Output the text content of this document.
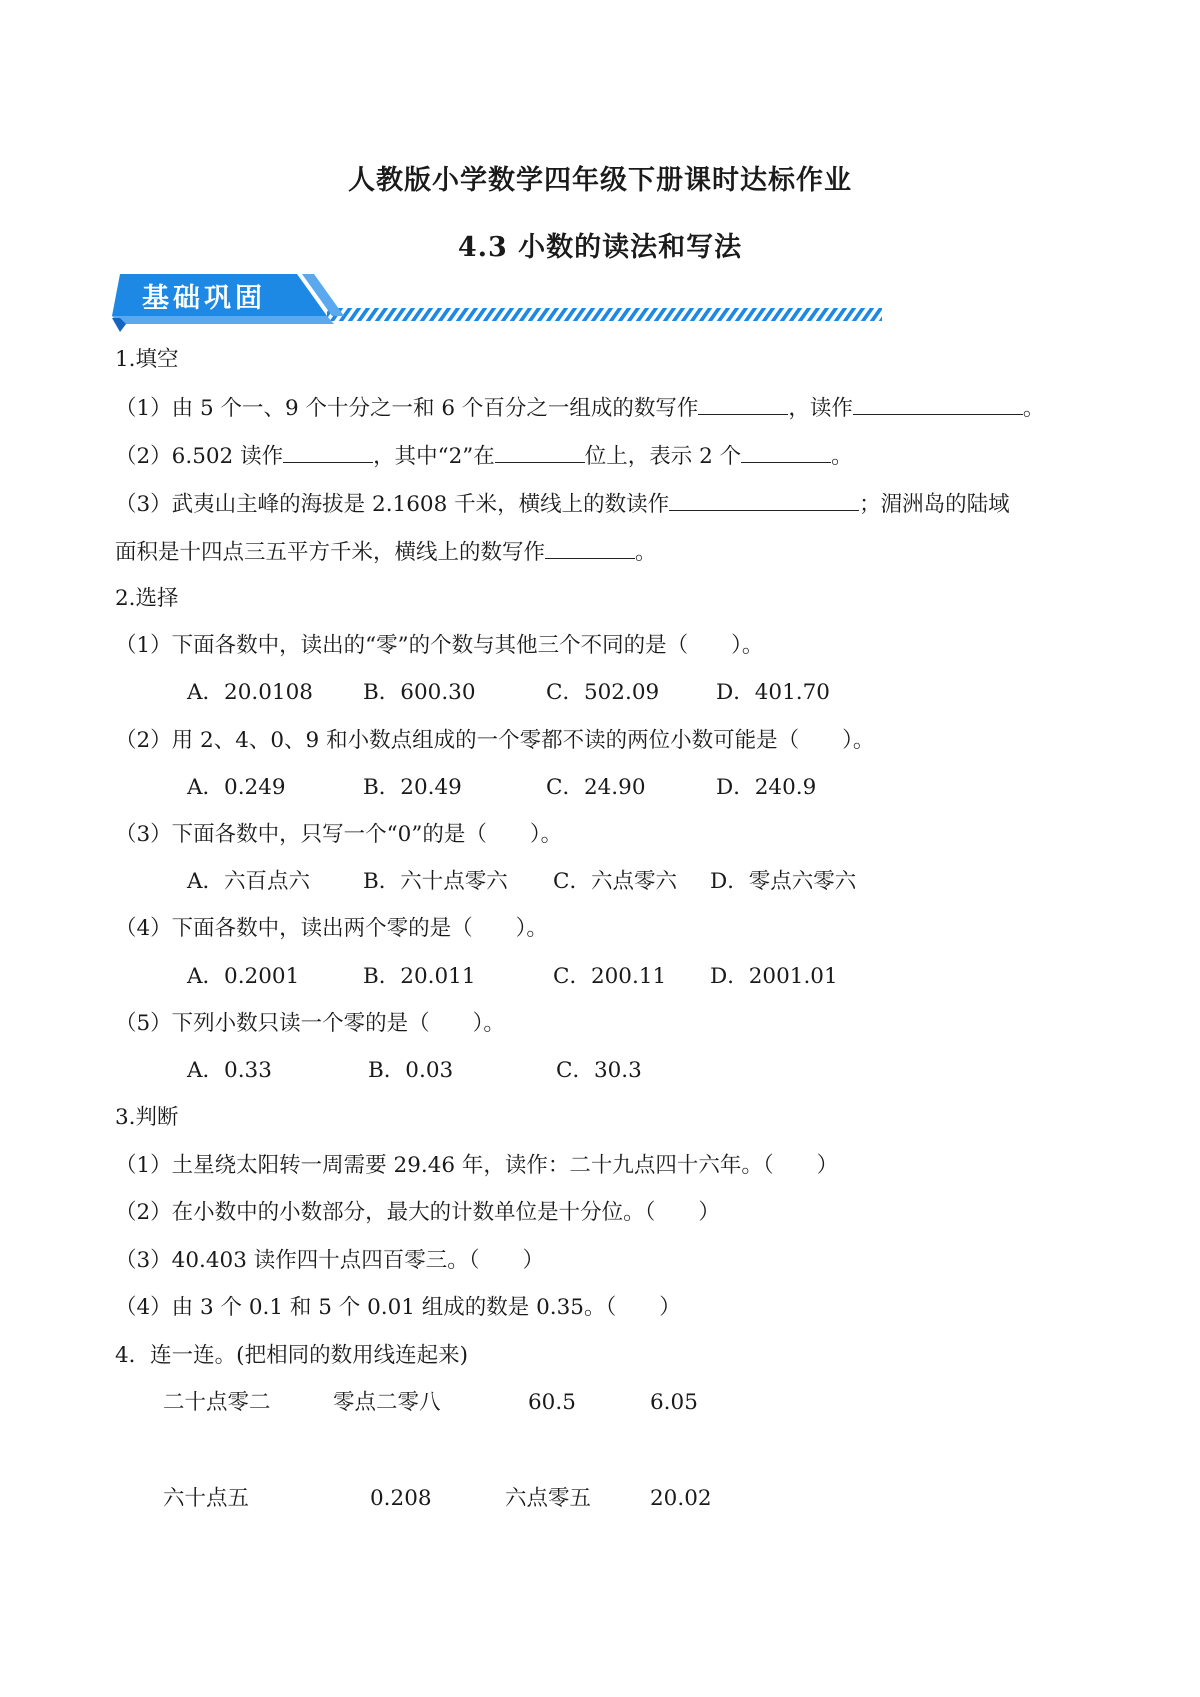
人教版小学数学四年级下册课时达标作业
4.3 小数的读法和写法
基础巩固
1.填空
（1）由 5 个一、9 个十分之一和 6 个百分之一组成的数写作	，读作	。
（2）6.502 读作	，其中“2”在	位上，表示 2 个	。
（3）武夷山主峰的海拔是 2.1608 千米，横线上的数读作	；湄洲岛的陆域
面积是十四点三五平方千米，横线上的数写作	。
2.选择
（1）下面各数中，读出的“零”的个数与其他三个不同的是（　　）。
A．20.0108 B．600.30	C．502.09	D．401.70
（2）用 2、4、0、9 和小数点组成的一个零都不读的两位小数可能是（　　）。
A．0.249	B．20.49	C．24.90	D．240.9
（3）下面各数中，只写一个“0”的是（　　）。
A．六百点六 B．六十点零六 C．六点零六 D．零点六零六
（4）下面各数中，读出两个零的是（　　）。
A．0.2001	B．20.011	C．200.11 D．2001.01
（5）下列小数只读一个零的是（　　）。
A．0.33	B．0.03	C．30.3
3.判断
（1）土星绕太阳转一周需要 29.46 年，读作：二十九点四十六年。（　　）
（2）在小数中的小数部分，最大的计数单位是十分位。（　　）
（3）40.403 读作四十点四百零三。（　　）
（4）由 3 个 0.1 和 5 个 0.01 组成的数是 0.35。（　　）
4．连一连。(把相同的数用线连起来)
二十点零二	零点二零八	60.5	6.05
六十点五	0.208	六点零五	20.02
